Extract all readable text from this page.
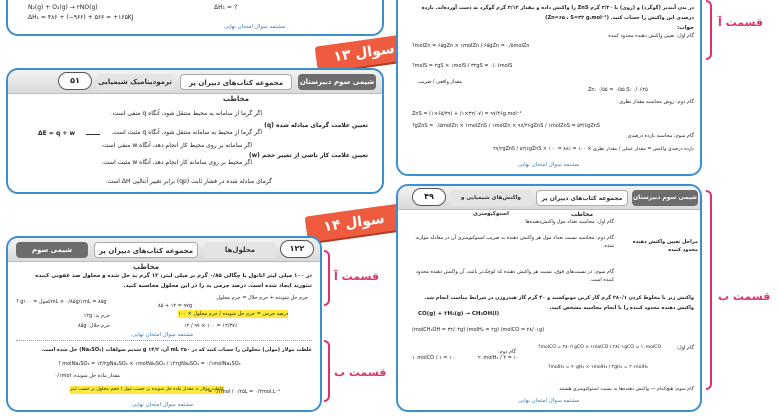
N₂(g) + O₂(g) → ۲NO(g)
ΔH₁ = ۴۸۶ + (−۹۶۶) + ۵۶۶ = +۱۶۵KJ
ΔH₁ = ?
مشتمه سوال امتحان نهایی
سوال ۱۳
۵۱	ترمودینامیک شیمیایی	مجموعه کتاب‌های دیپران پر مخاطب
شیمی سوم دبیرستان
ΔE = q + w
تعیین علامت گرمای مبادله شده (q)
اگر گرما از سامانه به محیط منتقل شود، آنگاه q منفی است.
اگر گرما از محیط به سامانه منتقل شود، آنگاه q مثبت است.
تعیین علامت کار ناشی از تغییر حجم (w)
اگر سامانه بر روی محیط کار انجام دهد، آنگاه w منفی است.
اگر محیط بر روی سامانه کار انجام دهد، آنگاه w مثبت است.
گرمای مبادله شده در فشار ثابت (qp) برابر تغییر آنتالپی ΔH است.
سوال ۱۴
شیمی سوم دبیرستان
مجموعه کتاب‌های دیپران پر مخاطب
محلول‌ها	۱۲۲
در ۱۰۰ میلی لیتر اتانول با چگالی ۰/۸۵ گرم بر میلی لیتر، ۱۲ گرم ید حل شده و محلول ضد عفونی کننده
تنتورید ایجاد شده است. درصد جرمی ید را در این محلول محاسبه کنید.
? gکحول = ۱۰۰mL × ۰/۸۵g/۱mL = ۸۵g
جرم حل شونده + جرم حلال = جرم محلول
۸۵ + ۱۲ = ۹۷g
درصد جرمی = جرم حل شونده / جرم محلول × ۱۰۰
۱۲ / ۹۷ × ۱۰۰ = ۱۲/۳۷٪
جرم ید: ۱۲g
جرم حلال: ۸۵g
مشتمه سوال امتحان نهایی
غلظت مولار (مولی) محلولی را حساب کنید که در ۲۵۰ mL آن، ۱۴/۲ g سدیم سولفات (Na₂SO₄) حل شده است.
? molNa₂SO₄ = ۱۴/۲gNa₂SO₄ × ۱molNa₂SO₄ / ۱۴۲gNa₂SO₄ = ۰/۱molNa₂SO₄
مقدار ماده حل شونده: ۰/۱mol
غلظت مولار = مقدار ماده حل شونده بر حسب مول / حجم محلول بر حسب لیتر
= ۰/۱mol / ۰/۲۵L = ۰/۴mol.L⁻¹
مشتمه سوال امتحان نهایی
قسمت آ
قسمت ب
در بدن آیندنر (گوگرد) و (روی) با ۳/۲۰ گرم ZnS را واکنش داده و مقدار ۳/۱۲ گرم گوگرد به دست آورده‌اند. بازده
درصدی این واکنش را حساب کنید. (Zn=۶۵ ، S=۳۲ g.mol⁻¹)
جواب:
گام اول: تعیین واکنش دهنده محدود کننده
?molZn = ۶۵gZn × ۱molZn / ۶۵gZn = ۰/۵molZn
?molS = ۲gS × ۱molS / ۳۲gS = ۰/۰۶molS
مقدار واقعی / ضریب
گام دوم: روش محاسبه مقدار نظری
Zn: ۰/۵۵ = ۰/۵۵ S: ۰/۰۶۲۵
ZnS = (۱×۶۵/۳۹) + (۱×۳۲/۰۷) = ۹۷/۴۶g.mol⁻¹
?gZnS = ۰/۵molZn × ۱molZnS / ۱molZn × ۹۷/۴۶gZnS / ۱molZnS = ۵۳/۶gZnS
گام سوم: محاسبه بازده درصدی
بازده درصدی واکنش = مقدار عملی / مقدار نظری × ۱۰۰ = ۴۷/۲gZnS / ۵۳/۶gZnS × ۱۰۰ = ۸۸٪
مشتمه سوال امتحان نهایی
قسمت آ
۴۹	واکنش‌های شیمیایی و استوکیومتری
مجموعه کتاب‌های دیپران پر مخاطب
شیمی سوم دبیرستان
مراحل تعیین واکنش دهنده محدود کننده
گام اول: محاسبه تعداد مول واکنش‌دهنده‌ها
گام دوم: محاسبه نسبت تعداد مول هر واکنش دهنده به ضریب استوکیومتری آن در معادله موازنه شده.
گام سوم: در نسبت‌های فوق، نسبت هر واکنش دهنده که کوچک‌تر باشد، آن واکنش دهنده محدود کننده است.
واکنش زیر با مخلوط کردن ۲۸۰/۱ گرم گاز کربن مونوکسید و ۴۰ گرم گاز هیدروژن در شرایط مناسب انجام شد.
واکنش دهنده محدود کننده را با انجام محاسبه مشخص کنید.
CO(g) + ۲H₂(g) → CH₃OH(l)
(molCH₃OH = ۳۲/۰۴g) (molH₂ = ۲g) (molCO = ۲۸/۰۱g)
گام اول:
?molCO = ۲۸۰/۱gCO × ۱molCO / ۲۸/۰۱gCO = ۱۰molCO
?molH₂ = ۴۰gH₂ × ۱molH₂ / ۲gH₂ = ۲۰molH₂
گام دوم:
۱۰molCO / ۱ = ۱۰	۲۰molH₂ / ۲ = ۱۰
گام سوم: هیچ‌کدام — واکنش دهنده‌ها به نسبت استوکیومتری هستند
مشتمه سوال امتحان نهایی
قسمت ب
